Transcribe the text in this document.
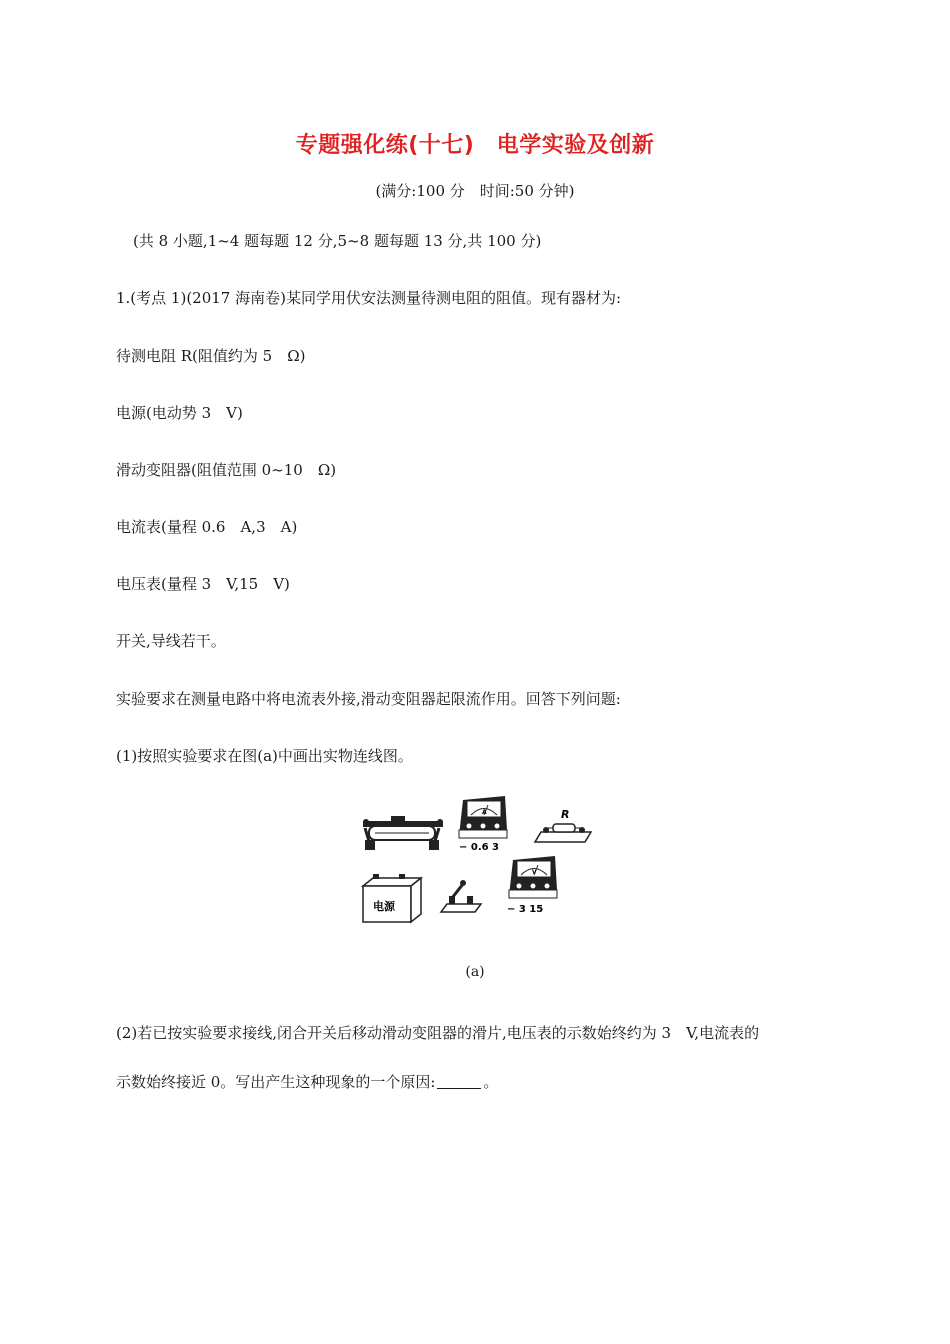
专题强化练(十七)　电学实验及创新
(满分:100 分　时间:50 分钟)
(共 8 小题,1~4 题每题 12 分,5~8 题每题 13 分,共 100 分)
1.(考点 1)(2017 海南卷)某同学用伏安法测量待测电阻的阻值。现有器材为:
待测电阻 R(阻值约为 5　Ω)
电源(电动势 3　V)
滑动变阻器(阻值范围 0~10　Ω)
电流表(量程 0.6　A,3　A)
电压表(量程 3　V,15　V)
开关,导线若干。
实验要求在测量电路中将电流表外接,滑动变阻器起限流作用。回答下列问题:
(1)按照实验要求在图(a)中画出实物连线图。
A
− 0.6 3
R
电源
V
− 3 15
(a)
(2)若已按实验要求接线,闭合开关后移动滑动变阻器的滑片,电压表的示数始终约为 3　V,电流表的
示数始终接近 0。写出产生这种现象的一个原因:	。
